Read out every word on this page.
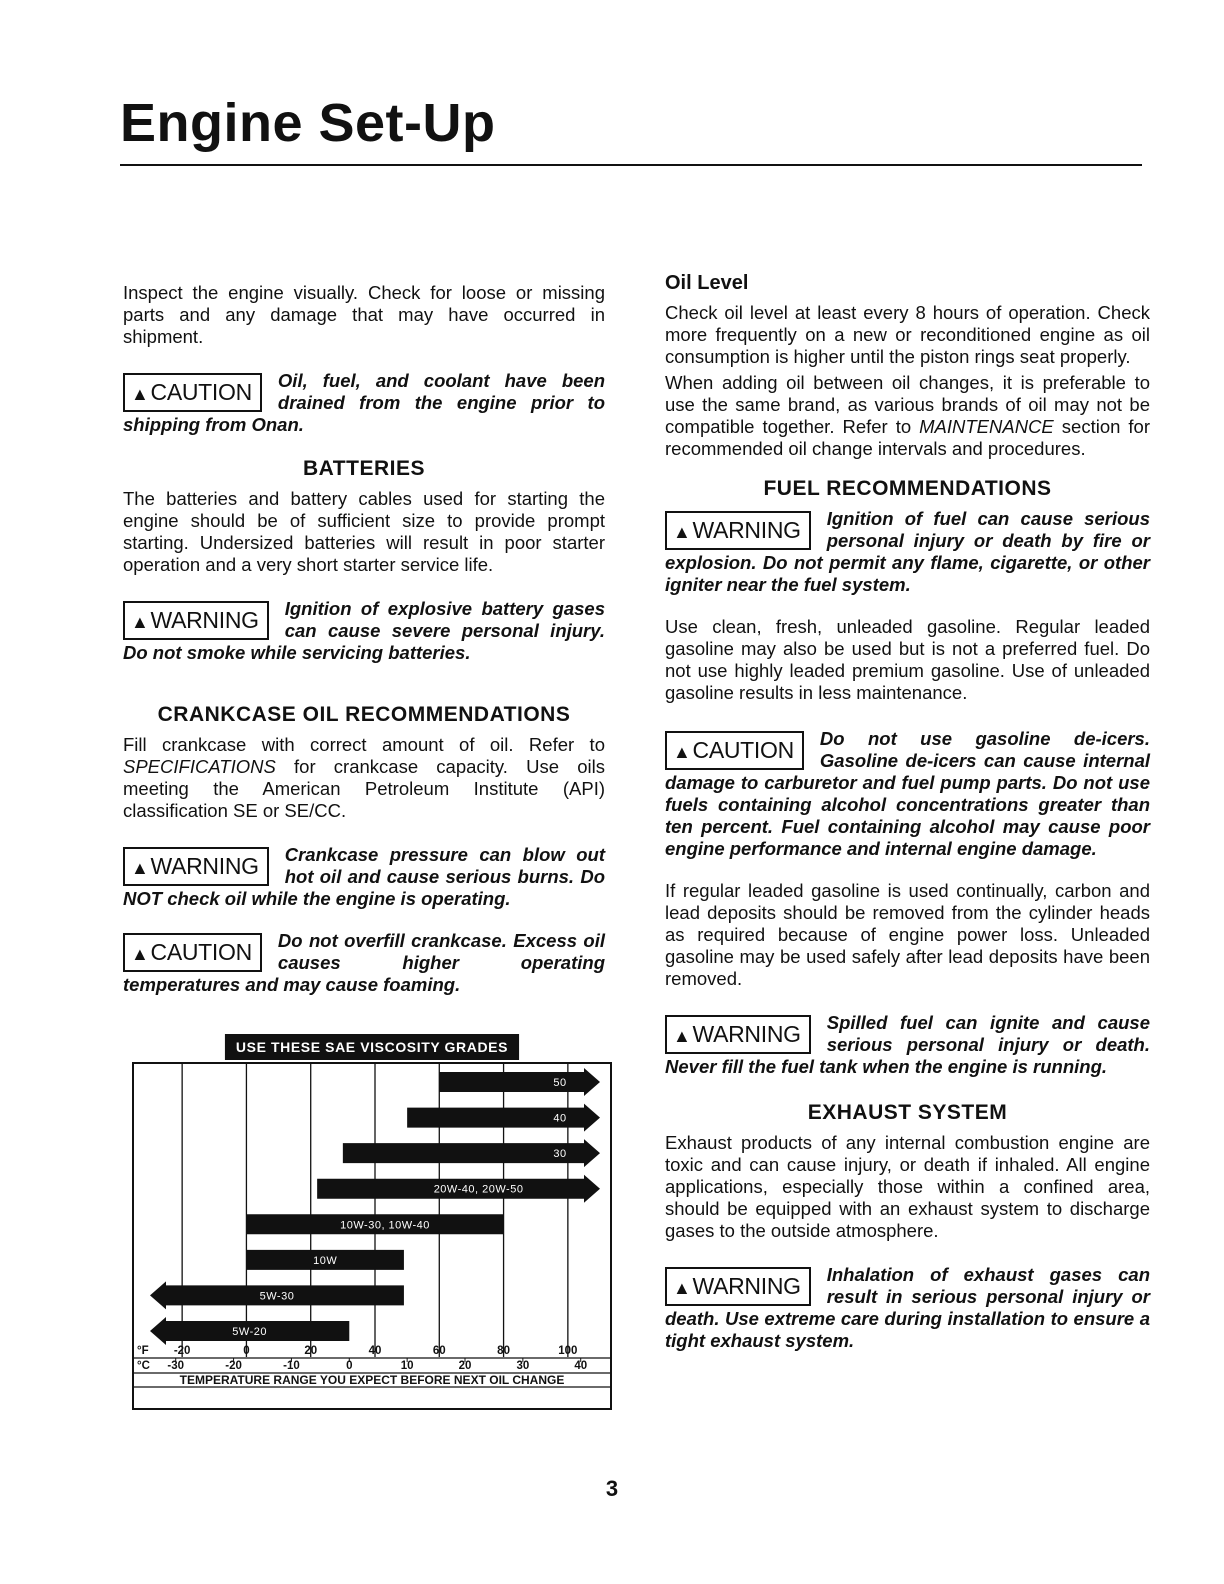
Engine Set-Up

Inspect the engine visually. Check for loose or missing parts and any damage that may have occurred in shipment.

▲CAUTION	Oil, fuel, and coolant have been drained from the engine prior to shipping from Onan.
BATTERIES

The batteries and battery cables used for starting the engine should be of sufficient size to provide prompt starting. Undersized batteries will result in poor starter operation and a very short starter service life.

▲WARNING	Ignition of explosive battery gases can cause severe personal injury. Do not smoke while servicing batteries.
CRANKCASE OIL RECOMMENDATIONS

Fill crankcase with correct amount of oil. Refer to SPECIFICATIONS for crankcase capacity. Use oils meeting the American Petroleum Institute (API) classification SE or SE/CC.

▲WARNING	Crankcase pressure can blow out hot oil and cause serious burns. Do NOT check oil while the engine is operating.
▲CAUTION	Do not overfill crankcase. Excess oil causes higher operating temperatures and may cause foaming.
USE THESE SAE VISCOSITY GRADES
50
40
30
20W-40, 20W-50
10W-30, 10W-40
10W
5W-30
5W-20
°F -20	0	20	40	60	80	100
°C -30	-20	-10	0	10	20	30	40
TEMPERATURE RANGE YOU EXPECT BEFORE NEXT OIL CHANGE
Oil Level

Check oil level at least every 8 hours of operation. Check more frequently on a new or reconditioned engine as oil consumption is higher until the piston rings seat properly.

When adding oil between oil changes, it is preferable to use the same brand, as various brands of oil may not be compatible together. Refer to MAINTENANCE section for recommended oil change intervals and procedures.

FUEL RECOMMENDATIONS
▲WARNING	Ignition of fuel can cause serious personal injury or death by fire or explosion. Do not permit any flame, cigarette, or other igniter near the fuel system.

Use clean, fresh, unleaded gasoline. Regular leaded gasoline may also be used but is not a preferred fuel. Do not use highly leaded premium gasoline. Use of unleaded gasoline results in less maintenance.

▲CAUTION	Do not use gasoline de-icers. Gasoline de-icers can cause internal damage to carburetor and fuel pump parts. Do not use fuels containing alcohol concentrations greater than ten percent. Fuel containing alcohol may cause poor engine performance and internal engine damage.

If regular leaded gasoline is used continually, carbon and lead deposits should be removed from the cylinder heads as required because of engine power loss. Unleaded gasoline may be used safely after lead deposits have been removed.

▲WARNING	Spilled fuel can ignite and cause serious personal injury or death. Never fill the fuel tank when the engine is running.
EXHAUST SYSTEM

Exhaust products of any internal combustion engine are toxic and can cause injury, or death if inhaled. All engine applications, especially those within a confined area, should be equipped with an exhaust system to discharge gases to the outside atmosphere.

▲WARNING	Inhalation of exhaust gases can result in serious personal injury or death. Use extreme care during installation to ensure a tight exhaust system.

3
